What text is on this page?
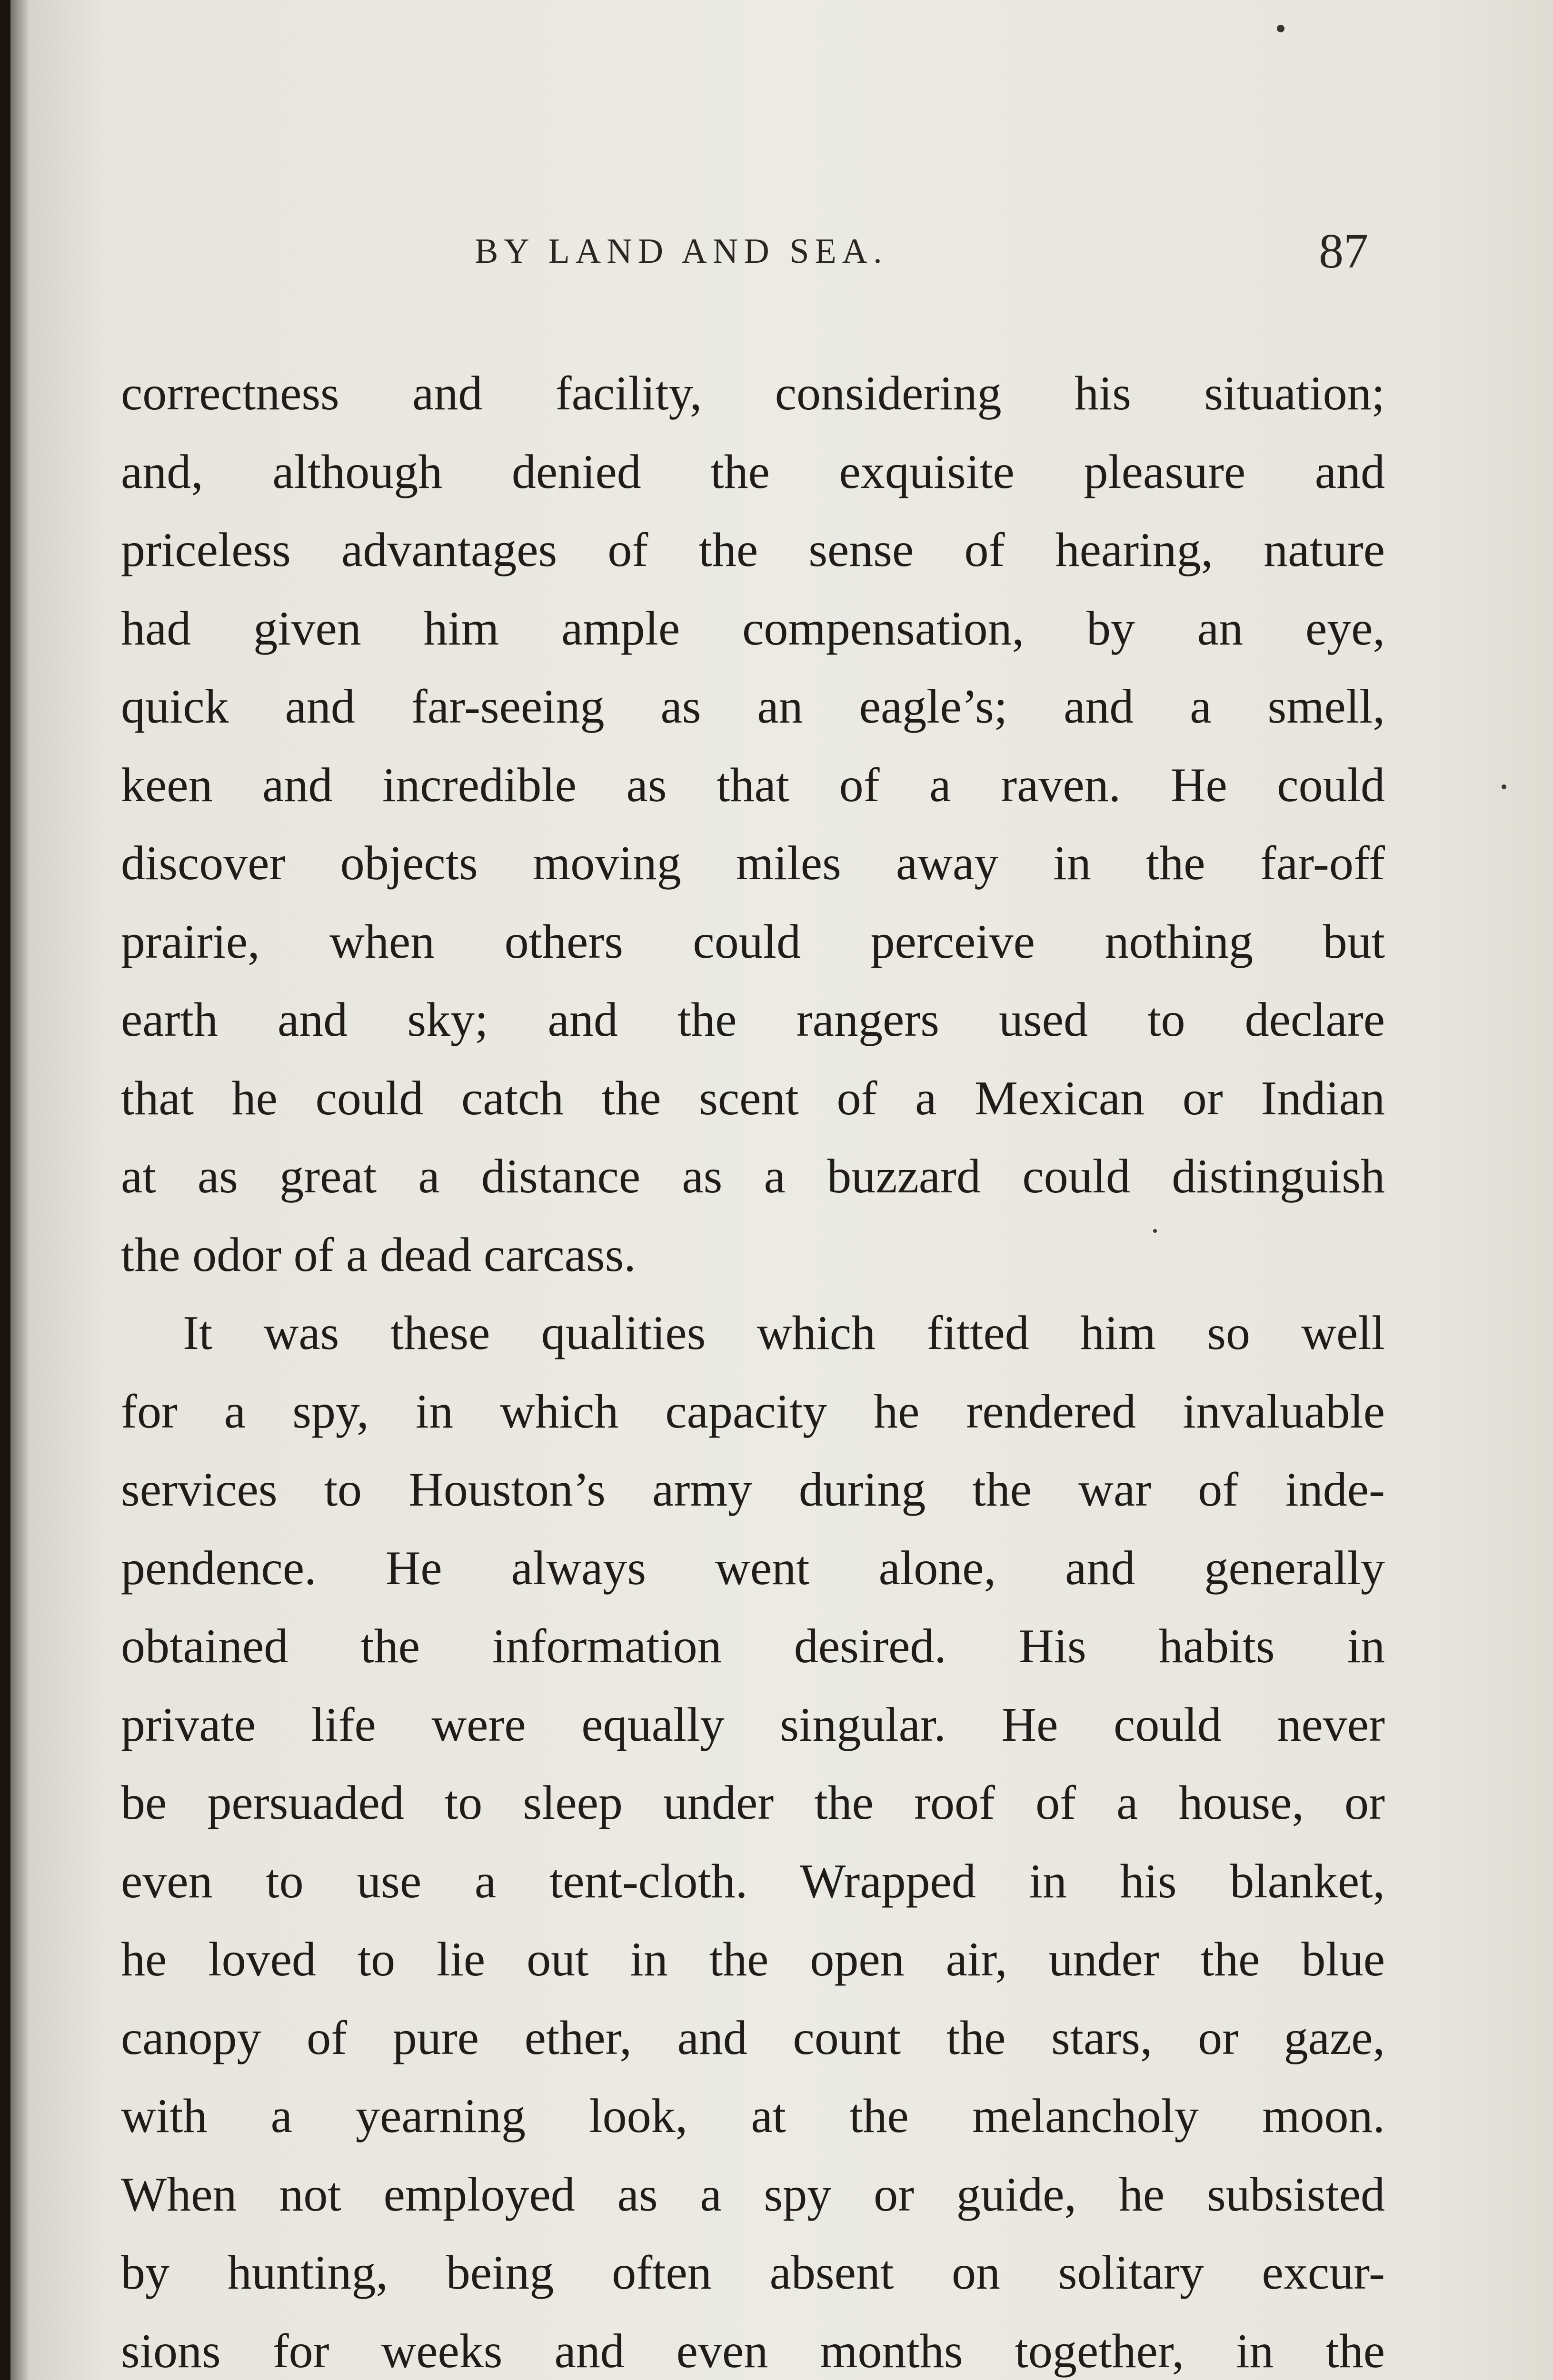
BY LAND AND SEA.	87
correctness and facility, considering his situation;
and, although denied the exquisite pleasure and
priceless advantages of the sense of hearing, nature
had given him ample compensation, by an eye,
quick and far-seeing as an eagle’s; and a smell,
keen and incredible as that of a raven. He could
discover objects moving miles away in the far-off
prairie, when others could perceive nothing but
earth and sky; and the rangers used to declare
that he could catch the scent of a Mexican or Indian
at as great a distance as a buzzard could distinguish
the odor of a dead carcass.
It was these qualities which fitted him so well
for a spy, in which capacity he rendered invaluable
services to Houston’s army during the war of inde-
pendence. He always went alone, and generally
obtained the information desired. His habits in
private life were equally singular. He could never
be persuaded to sleep under the roof of a house, or
even to use a tent-cloth. Wrapped in his blanket,
he loved to lie out in the open air, under the blue
canopy of pure ether, and count the stars, or gaze,
with a yearning look, at the melancholy moon.
When not employed as a spy or guide, he subsisted
by hunting, being often absent on solitary excur-
sions for weeks and even months together, in the
